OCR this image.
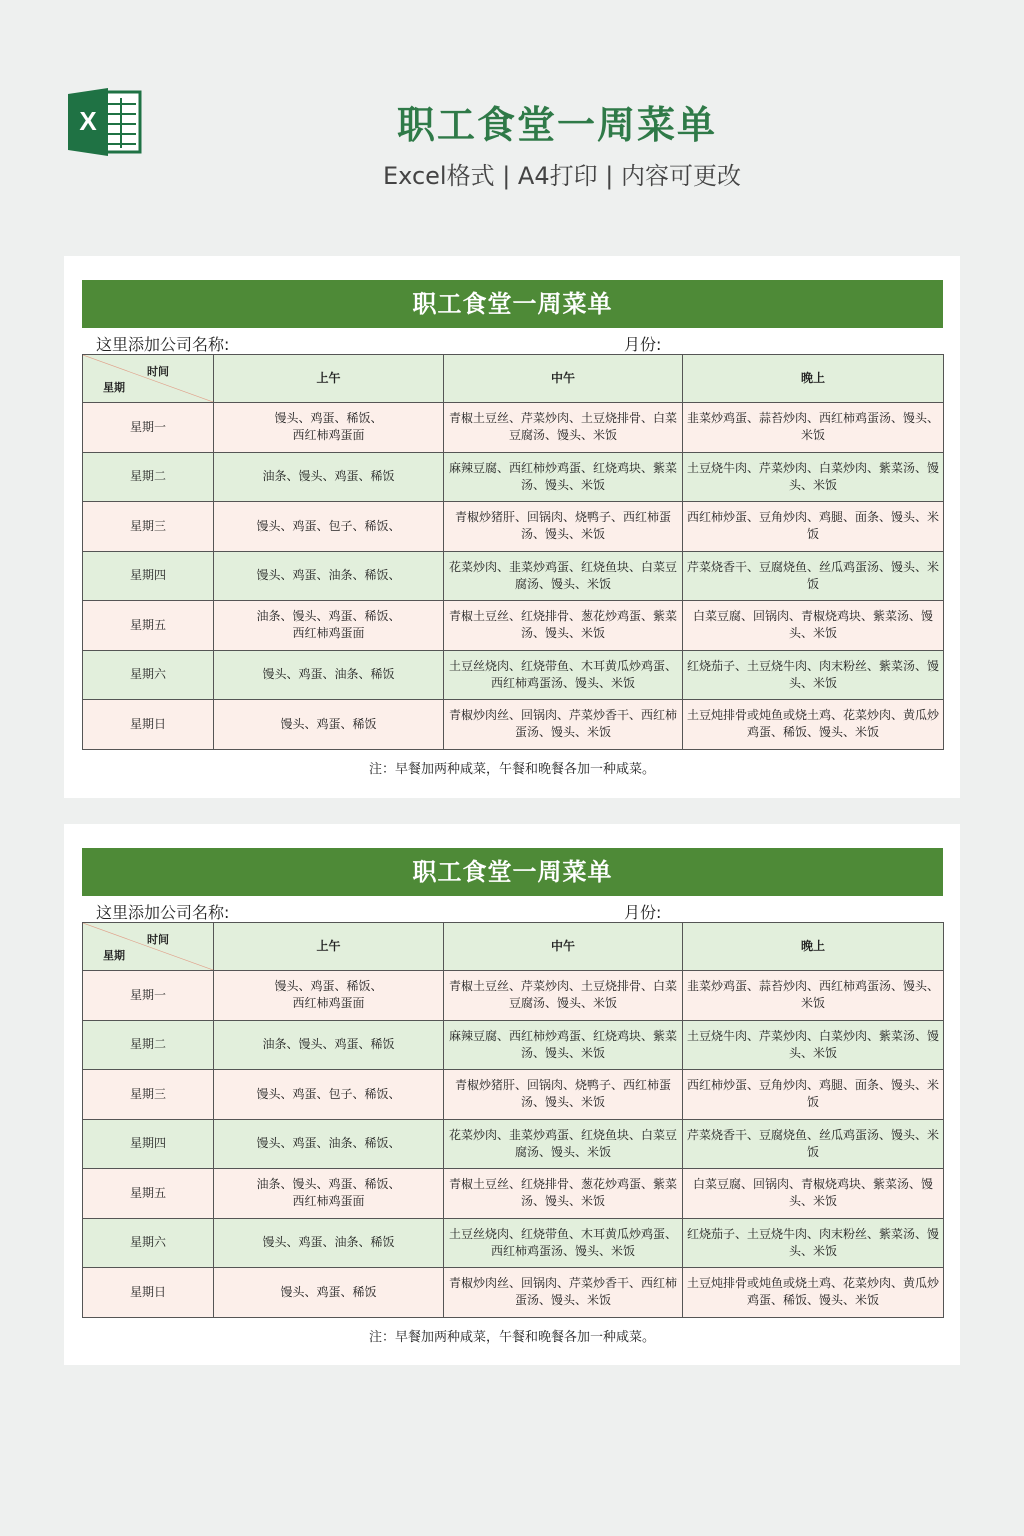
X	职工食堂一周菜单
Excel格式 | A4打印 | 内容可更改
职工食堂一周菜单
这里添加公司名称:	月份:
时间
星期	上午	中午	晚上
星期一	馒头、鸡蛋、稀饭、
西红柿鸡蛋面	青椒土豆丝、芹菜炒肉、土豆烧排骨、白菜豆腐汤、馒头、米饭	韭菜炒鸡蛋、蒜苔炒肉、西红柿鸡蛋汤、馒头、米饭
星期二	油条、馒头、鸡蛋、稀饭	麻辣豆腐、西红柿炒鸡蛋、红烧鸡块、紫菜汤、馒头、米饭	土豆烧牛肉、芹菜炒肉、白菜炒肉、紫菜汤、馒头、米饭
星期三	馒头、鸡蛋、包子、稀饭、	青椒炒猪肝、回锅肉、烧鸭子、西红柿蛋汤、馒头、米饭	西红柿炒蛋、豆角炒肉、鸡腿、面条、馒头、米饭
星期四	馒头、鸡蛋、油条、稀饭、	花菜炒肉、韭菜炒鸡蛋、红烧鱼块、白菜豆腐汤、馒头、米饭	芹菜烧香干、豆腐烧鱼、丝瓜鸡蛋汤、馒头、米饭
星期五	油条、馒头、鸡蛋、稀饭、
西红柿鸡蛋面	青椒土豆丝、红烧排骨、葱花炒鸡蛋、紫菜汤、馒头、米饭	白菜豆腐、回锅肉、青椒烧鸡块、紫菜汤、馒头、米饭
星期六	馒头、鸡蛋、油条、稀饭	土豆丝烧肉、红烧带鱼、木耳黄瓜炒鸡蛋、西红柿鸡蛋汤、馒头、米饭	红烧茄子、土豆烧牛肉、肉末粉丝、紫菜汤、馒头、米饭
星期日	馒头、鸡蛋、稀饭	青椒炒肉丝、回锅肉、芹菜炒香干、西红柿蛋汤、馒头、米饭	土豆炖排骨或炖鱼或烧土鸡、花菜炒肉、黄瓜炒鸡蛋、稀饭、馒头、米饭
注：早餐加两种咸菜，午餐和晚餐各加一种咸菜。
职工食堂一周菜单
这里添加公司名称:	月份:
时间
星期	上午	中午	晚上
星期一	馒头、鸡蛋、稀饭、
西红柿鸡蛋面	青椒土豆丝、芹菜炒肉、土豆烧排骨、白菜豆腐汤、馒头、米饭	韭菜炒鸡蛋、蒜苔炒肉、西红柿鸡蛋汤、馒头、米饭
星期二	油条、馒头、鸡蛋、稀饭	麻辣豆腐、西红柿炒鸡蛋、红烧鸡块、紫菜汤、馒头、米饭	土豆烧牛肉、芹菜炒肉、白菜炒肉、紫菜汤、馒头、米饭
星期三	馒头、鸡蛋、包子、稀饭、	青椒炒猪肝、回锅肉、烧鸭子、西红柿蛋汤、馒头、米饭	西红柿炒蛋、豆角炒肉、鸡腿、面条、馒头、米饭
星期四	馒头、鸡蛋、油条、稀饭、	花菜炒肉、韭菜炒鸡蛋、红烧鱼块、白菜豆腐汤、馒头、米饭	芹菜烧香干、豆腐烧鱼、丝瓜鸡蛋汤、馒头、米饭
星期五	油条、馒头、鸡蛋、稀饭、
西红柿鸡蛋面	青椒土豆丝、红烧排骨、葱花炒鸡蛋、紫菜汤、馒头、米饭	白菜豆腐、回锅肉、青椒烧鸡块、紫菜汤、馒头、米饭
星期六	馒头、鸡蛋、油条、稀饭	土豆丝烧肉、红烧带鱼、木耳黄瓜炒鸡蛋、西红柿鸡蛋汤、馒头、米饭	红烧茄子、土豆烧牛肉、肉末粉丝、紫菜汤、馒头、米饭
星期日	馒头、鸡蛋、稀饭	青椒炒肉丝、回锅肉、芹菜炒香干、西红柿蛋汤、馒头、米饭	土豆炖排骨或炖鱼或烧土鸡、花菜炒肉、黄瓜炒鸡蛋、稀饭、馒头、米饭
注：早餐加两种咸菜，午餐和晚餐各加一种咸菜。
